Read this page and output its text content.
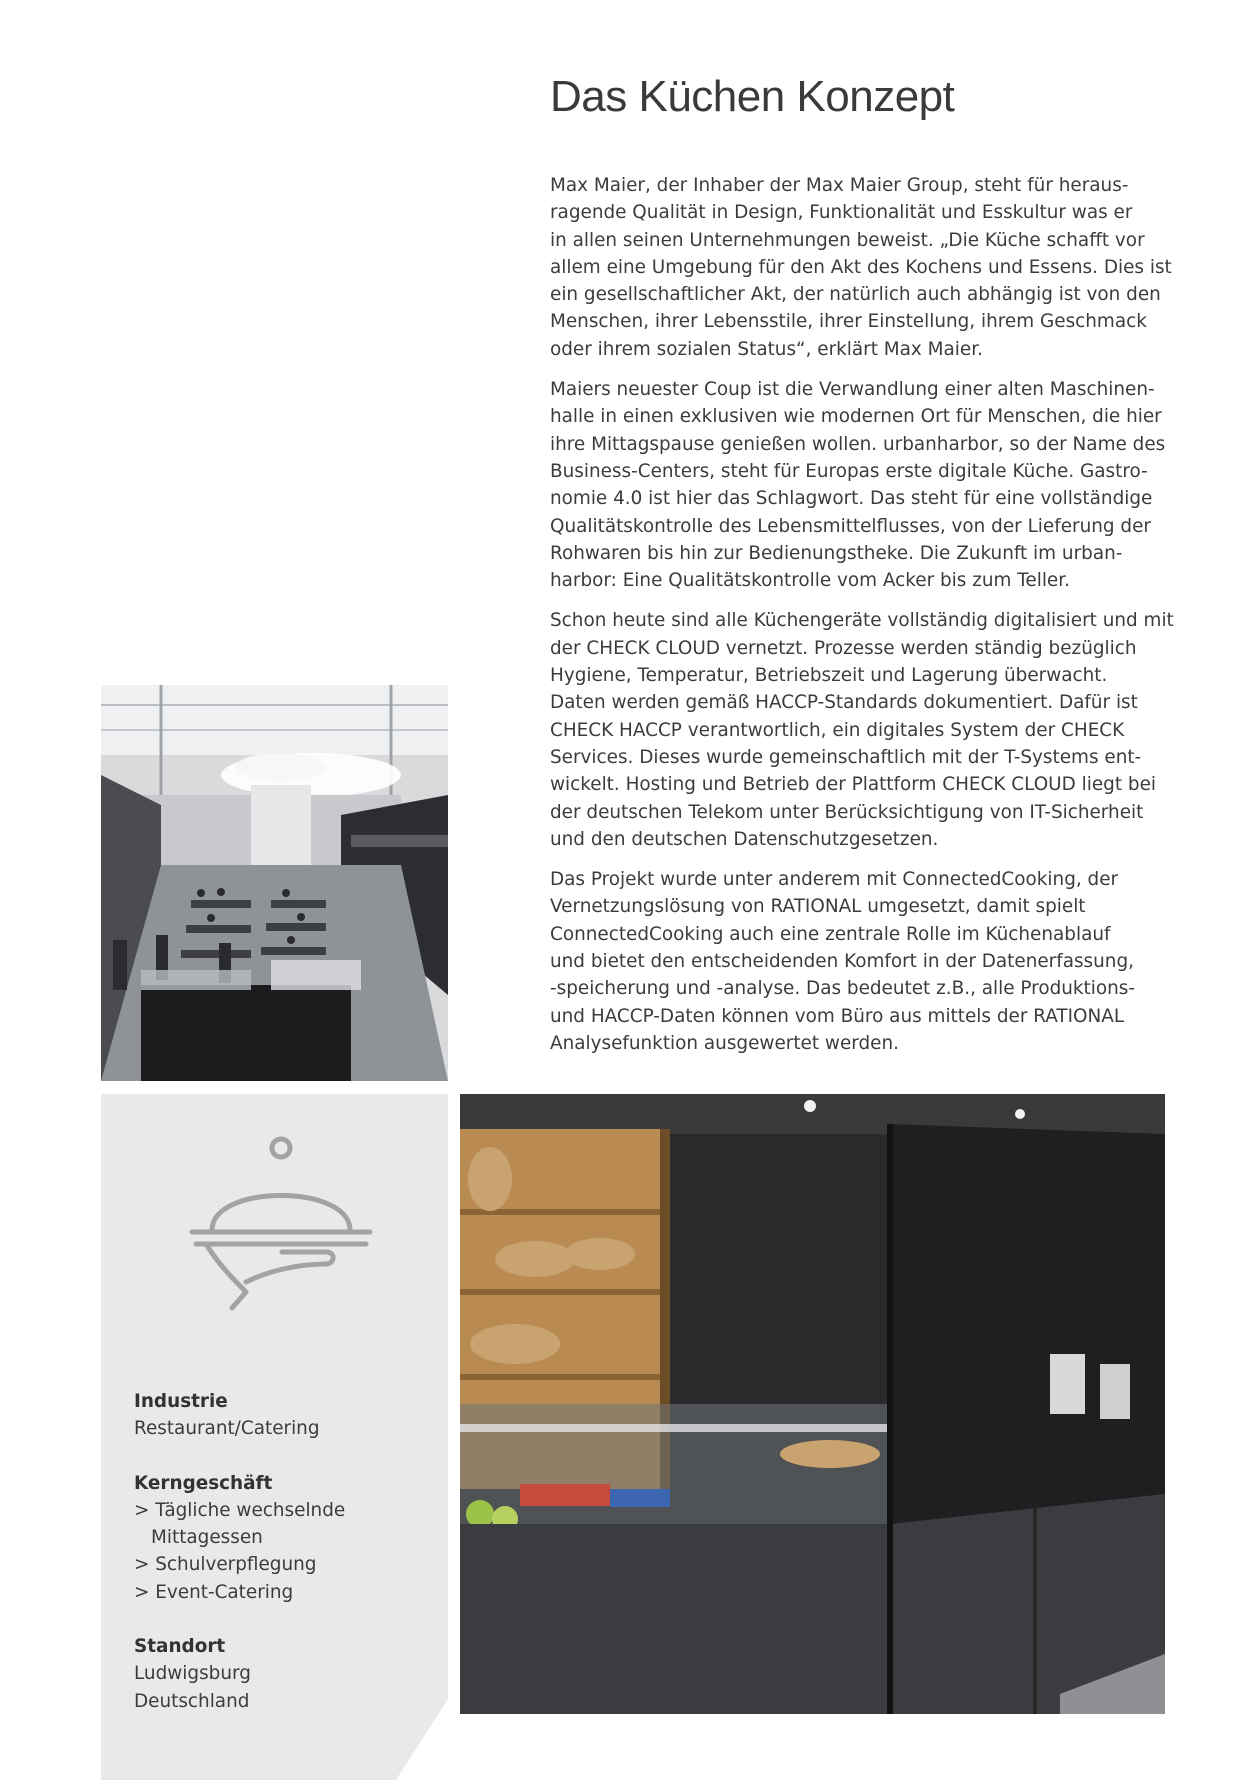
Das Küchen Konzept

Max Maier, der Inhaber der Max Maier Group, steht für heraus-
ragende Qualität in Design, Funktionalität und Esskultur was er
in allen seinen Unternehmungen beweist. „Die Küche schafft vor
allem eine Umgebung für den Akt des Kochens und Essens. Dies ist
ein gesellschaftlicher Akt, der natürlich auch abhängig ist von den
Menschen, ihrer Lebensstile, ihrer Einstellung, ihrem Geschmack
oder ihrem sozialen Status“, erklärt Max Maier.

Maiers neuester Coup ist die Verwandlung einer alten Maschinen-
halle in einen exklusiven wie modernen Ort für Menschen, die hier
ihre Mittagspause genießen wollen. urbanharbor, so der Name des
Business-Centers, steht für Europas erste digitale Küche. Gastro-
nomie 4.0 ist hier das Schlagwort. Das steht für eine vollständige
Qualitätskontrolle des Lebensmittelflusses, von der Lieferung der
Rohwaren bis hin zur Bedienungstheke. Die Zukunft im urban-
harbor: Eine Qualitätskontrolle vom Acker bis zum Teller.

Schon heute sind alle Küchengeräte vollständig digitalisiert und mit
der CHECK CLOUD vernetzt. Prozesse werden ständig bezüglich
Hygiene, Temperatur, Betriebszeit und Lagerung überwacht.
Daten werden gemäß HACCP-Standards dokumentiert. Dafür ist
CHECK HACCP verantwortlich, ein digitales System der CHECK
Services. Dieses wurde gemeinschaftlich mit der T-Systems ent-
wickelt. Hosting und Betrieb der Plattform CHECK CLOUD liegt bei
der deutschen Telekom unter Berücksichtigung von IT-Sicherheit
und den deutschen Datenschutzgesetzen.

Das Projekt wurde unter anderem mit ConnectedCooking, der
Vernetzungslösung von RATIONAL umgesetzt, damit spielt
ConnectedCooking auch eine zentrale Rolle im Küchenablauf
und bietet den entscheidenden Komfort in der Datenerfassung,
-speicherung und -analyse. Das bedeutet z.B., alle Produktions-
und HACCP-Daten können vom Büro aus mittels der RATIONAL
Analysefunktion ausgewertet werden.

Industrie
Restaurant/Catering
Kerngeschäft
> Tägliche wechselnde
Mittagessen
> Schulverpflegung
> Event-Catering
Standort
Ludwigsburg
Deutschland
